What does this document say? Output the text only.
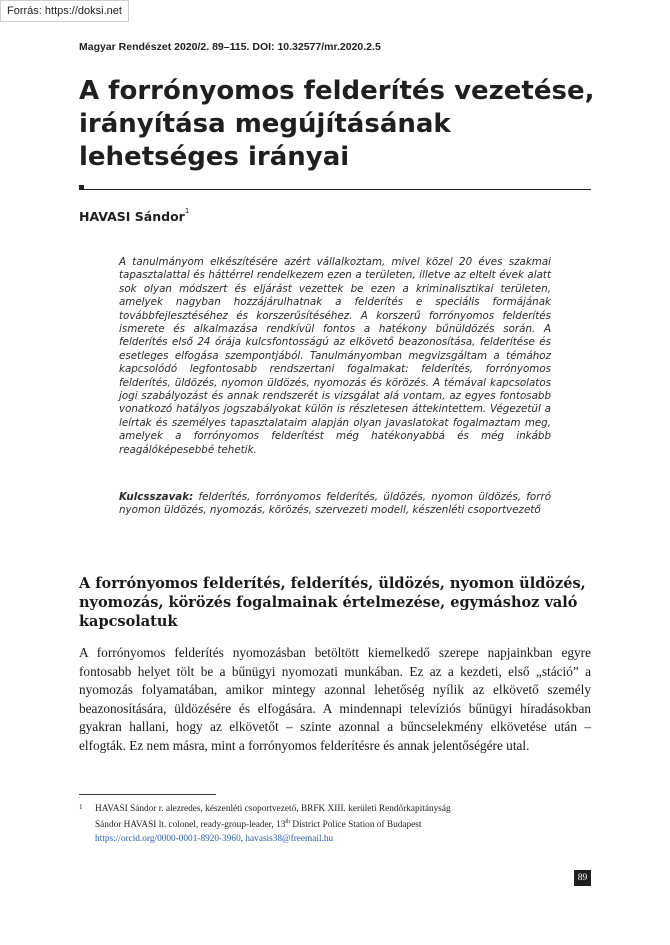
Forrás: https://doksi.net
Magyar Rendészet 2020/2. 89–115. DOI: 10.32577/mr.2020.2.5
A forrónyomos felderítés vezetése, irányítása megújításának lehetséges irányai
HAVASI Sándor$^1$

A tanulmányom elkészítésére azért vállalkoztam, mivel közel 20 éves szakmai tapasztalattal és háttérrel rendelkezem ezen a területen, illetve az eltelt évek alatt sok olyan módszert és eljárást vezettek be ezen a kriminalisztikai területen, amelyek nagyban hozzájárulhatnak a felderítés e speciális formájának továbbfejlesztéséhez és korszerűsítéséhez. A korszerű forrónyomos felderítés ismerete és alkalmazása rendkívül fontos a hatékony bűnüldözés során. A felderítés első 24 órája kulcsfontosságú az elkövető beazonosítása, felderítése és esetleges elfogása szempontjából. Tanulmányomban megvizsgáltam a témához kapcsolódó legfontosabb rendszertani fogalmakat: felderítés, forrónyomos felderítés, üldözés, nyomon üldözés, nyomozás és körözés. A témával kapcsolatos jogi szabályozást és annak rendszerét is vizsgálat alá vontam, az egyes fontosabb vonatkozó hatályos jogszabályokat külön is részletesen áttekintettem. Végezetül a leírtak és személyes tapasztalataim alapján olyan javaslatokat fogalmaztam meg, amelyek a forrónyomos felderítést még hatékonyabbá és még inkább reagálóképesebbé tehetik.

Kulcsszavak: felderítés, forrónyomos felderítés, üldözés, nyomon üldözés, forró nyomon üldözés, nyomozás, körözés, szervezeti modell, készenléti csoportvezető

A forrónyomos felderítés, felderítés, üldözés, nyomon üldözés, nyomozás, körözés fogalmainak értelmezése, egymáshoz való kapcsolatuk

A forrónyomos felderítés nyomozásban betöltött kiemelkedő szerepe napjainkban egyre fontosabb helyet tölt be a bűnügyi nyomozati munkában. Ez az a kezdeti, első „stáció” a nyomozás folyamatában, amikor mintegy azonnal lehetőség nyílik az elkövető személy beazonosítására, üldözésére és elfogására. A mindennapi televíziós bűnügyi híradásokban gyakran hallani, hogy az elkövetőt – szinte azonnal a bűncselekmény elkövetése után – elfogták. Ez nem másra, mint a forrónyomos felderítésre és annak jelentőségére utal.

1 HAVASI Sándor r. alezredes, készenléti csoportvezető, BRFK XIII. kerületi Rendőrkapitányság
Sándor HAVASI lt. colonel, ready-group-leader, 13th District Police Station of Budapest
https://orcid.org/0000-0001-8920-3960, havasis38@freemail.hu
89
